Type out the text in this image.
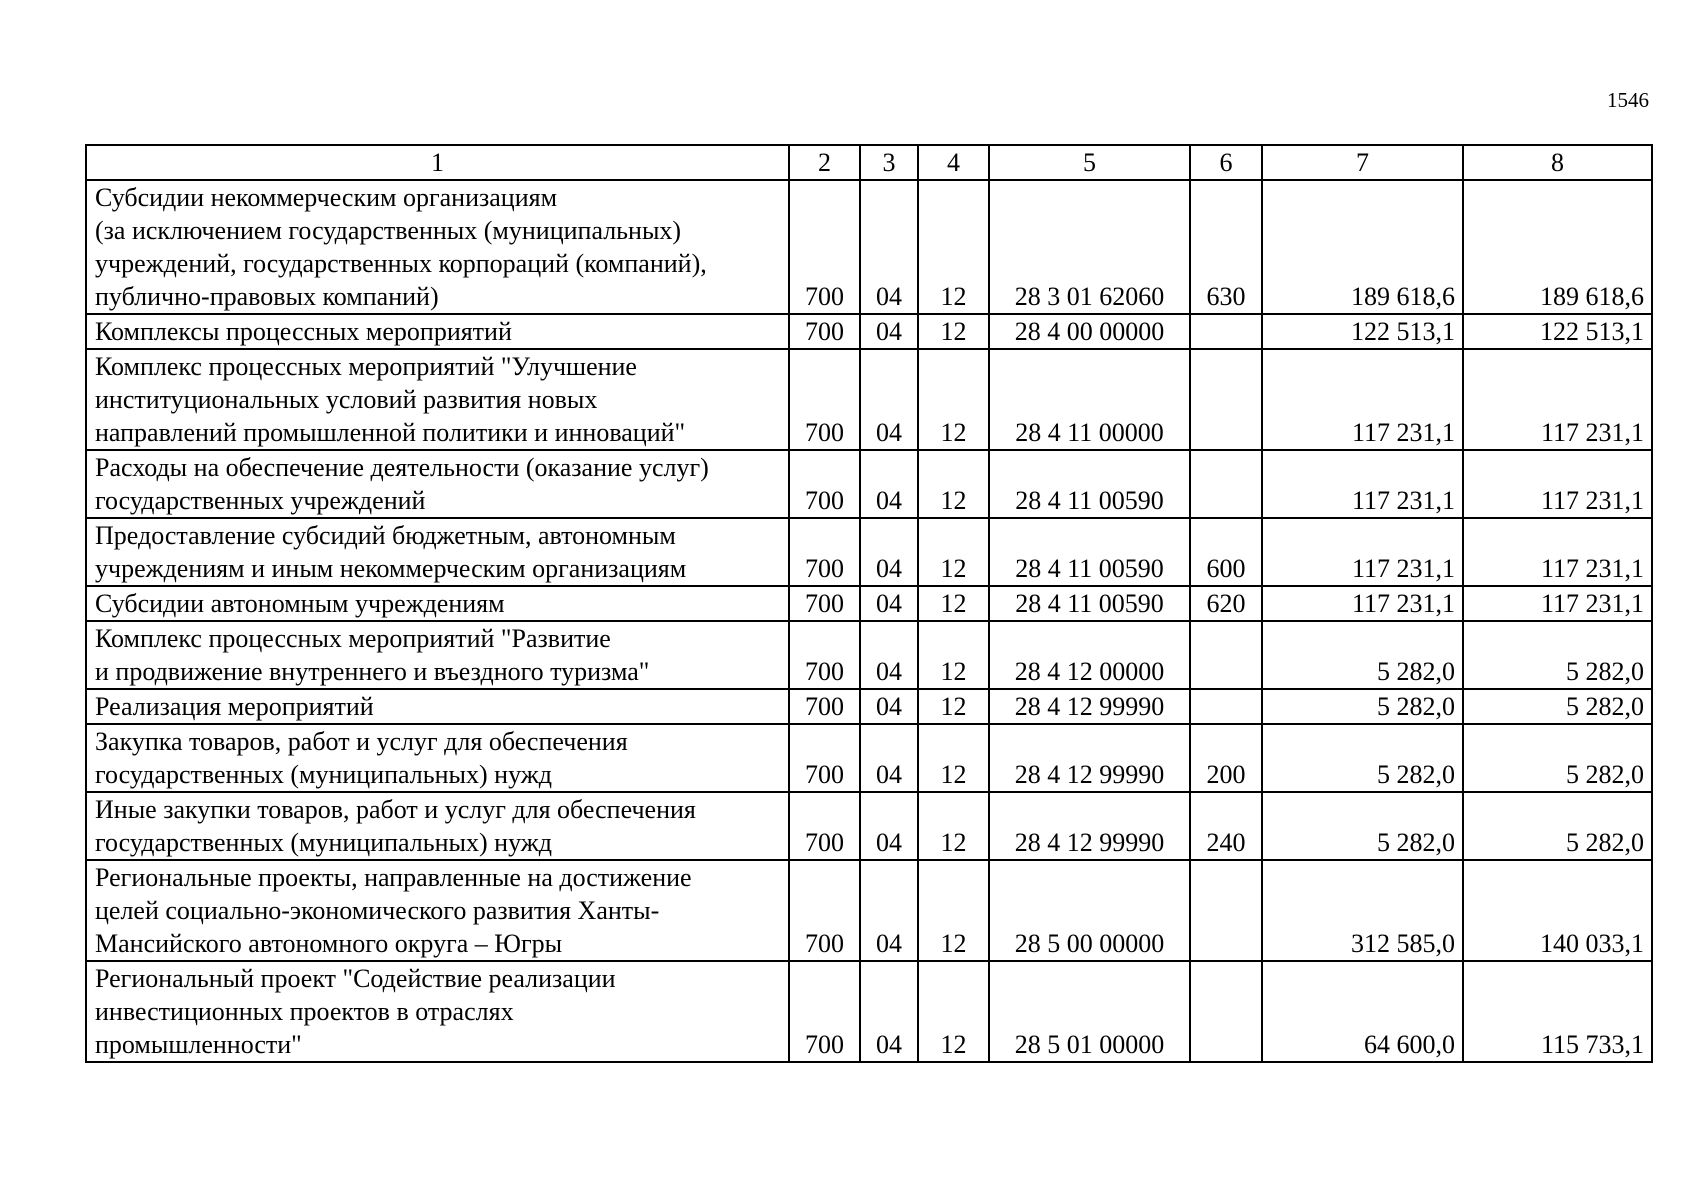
1546
1	2	3	4	5	6	7	8

Субсидии некоммерческим организациям
(за исключением государственных (муниципальных)
учреждений, государственных корпораций (компаний),
публично-правовых компаний)	700	04	12	28 3 01 62060	630	189 618,6	189 618,6

Комплексы процессных мероприятий	700	04	12	28 4 00 00000		122 513,1	122 513,1

Комплекс процессных мероприятий "Улучшение
институциональных условий развития новых
направлений промышленной политики и инноваций"	700	04	12	28 4 11 00000		117 231,1	117 231,1

Расходы на обеспечение деятельности (оказание услуг)
государственных учреждений	700	04	12	28 4 11 00590		117 231,1	117 231,1

Предоставление субсидий бюджетным, автономным
учреждениям и иным некоммерческим организациям	700	04	12	28 4 11 00590	600	117 231,1	117 231,1

Субсидии автономным учреждениям	700	04	12	28 4 11 00590	620	117 231,1	117 231,1

Комплекс процессных мероприятий "Развитие
и продвижение внутреннего и въездного туризма"	700	04	12	28 4 12 00000		5 282,0	5 282,0

Реализация мероприятий	700	04	12	28 4 12 99990		5 282,0	5 282,0

Закупка товаров, работ и услуг для обеспечения
государственных (муниципальных) нужд	700	04	12	28 4 12 99990	200	5 282,0	5 282,0

Иные закупки товаров, работ и услуг для обеспечения
государственных (муниципальных) нужд	700	04	12	28 4 12 99990	240	5 282,0	5 282,0

Региональные проекты, направленные на достижение
целей социально-экономического развития Ханты-
Мансийского автономного округа – Югры	700	04	12	28 5 00 00000		312 585,0	140 033,1

Региональный проект "Содействие реализации
инвестиционных проектов в отраслях
промышленности"	700	04	12	28 5 01 00000		64 600,0	115 733,1
